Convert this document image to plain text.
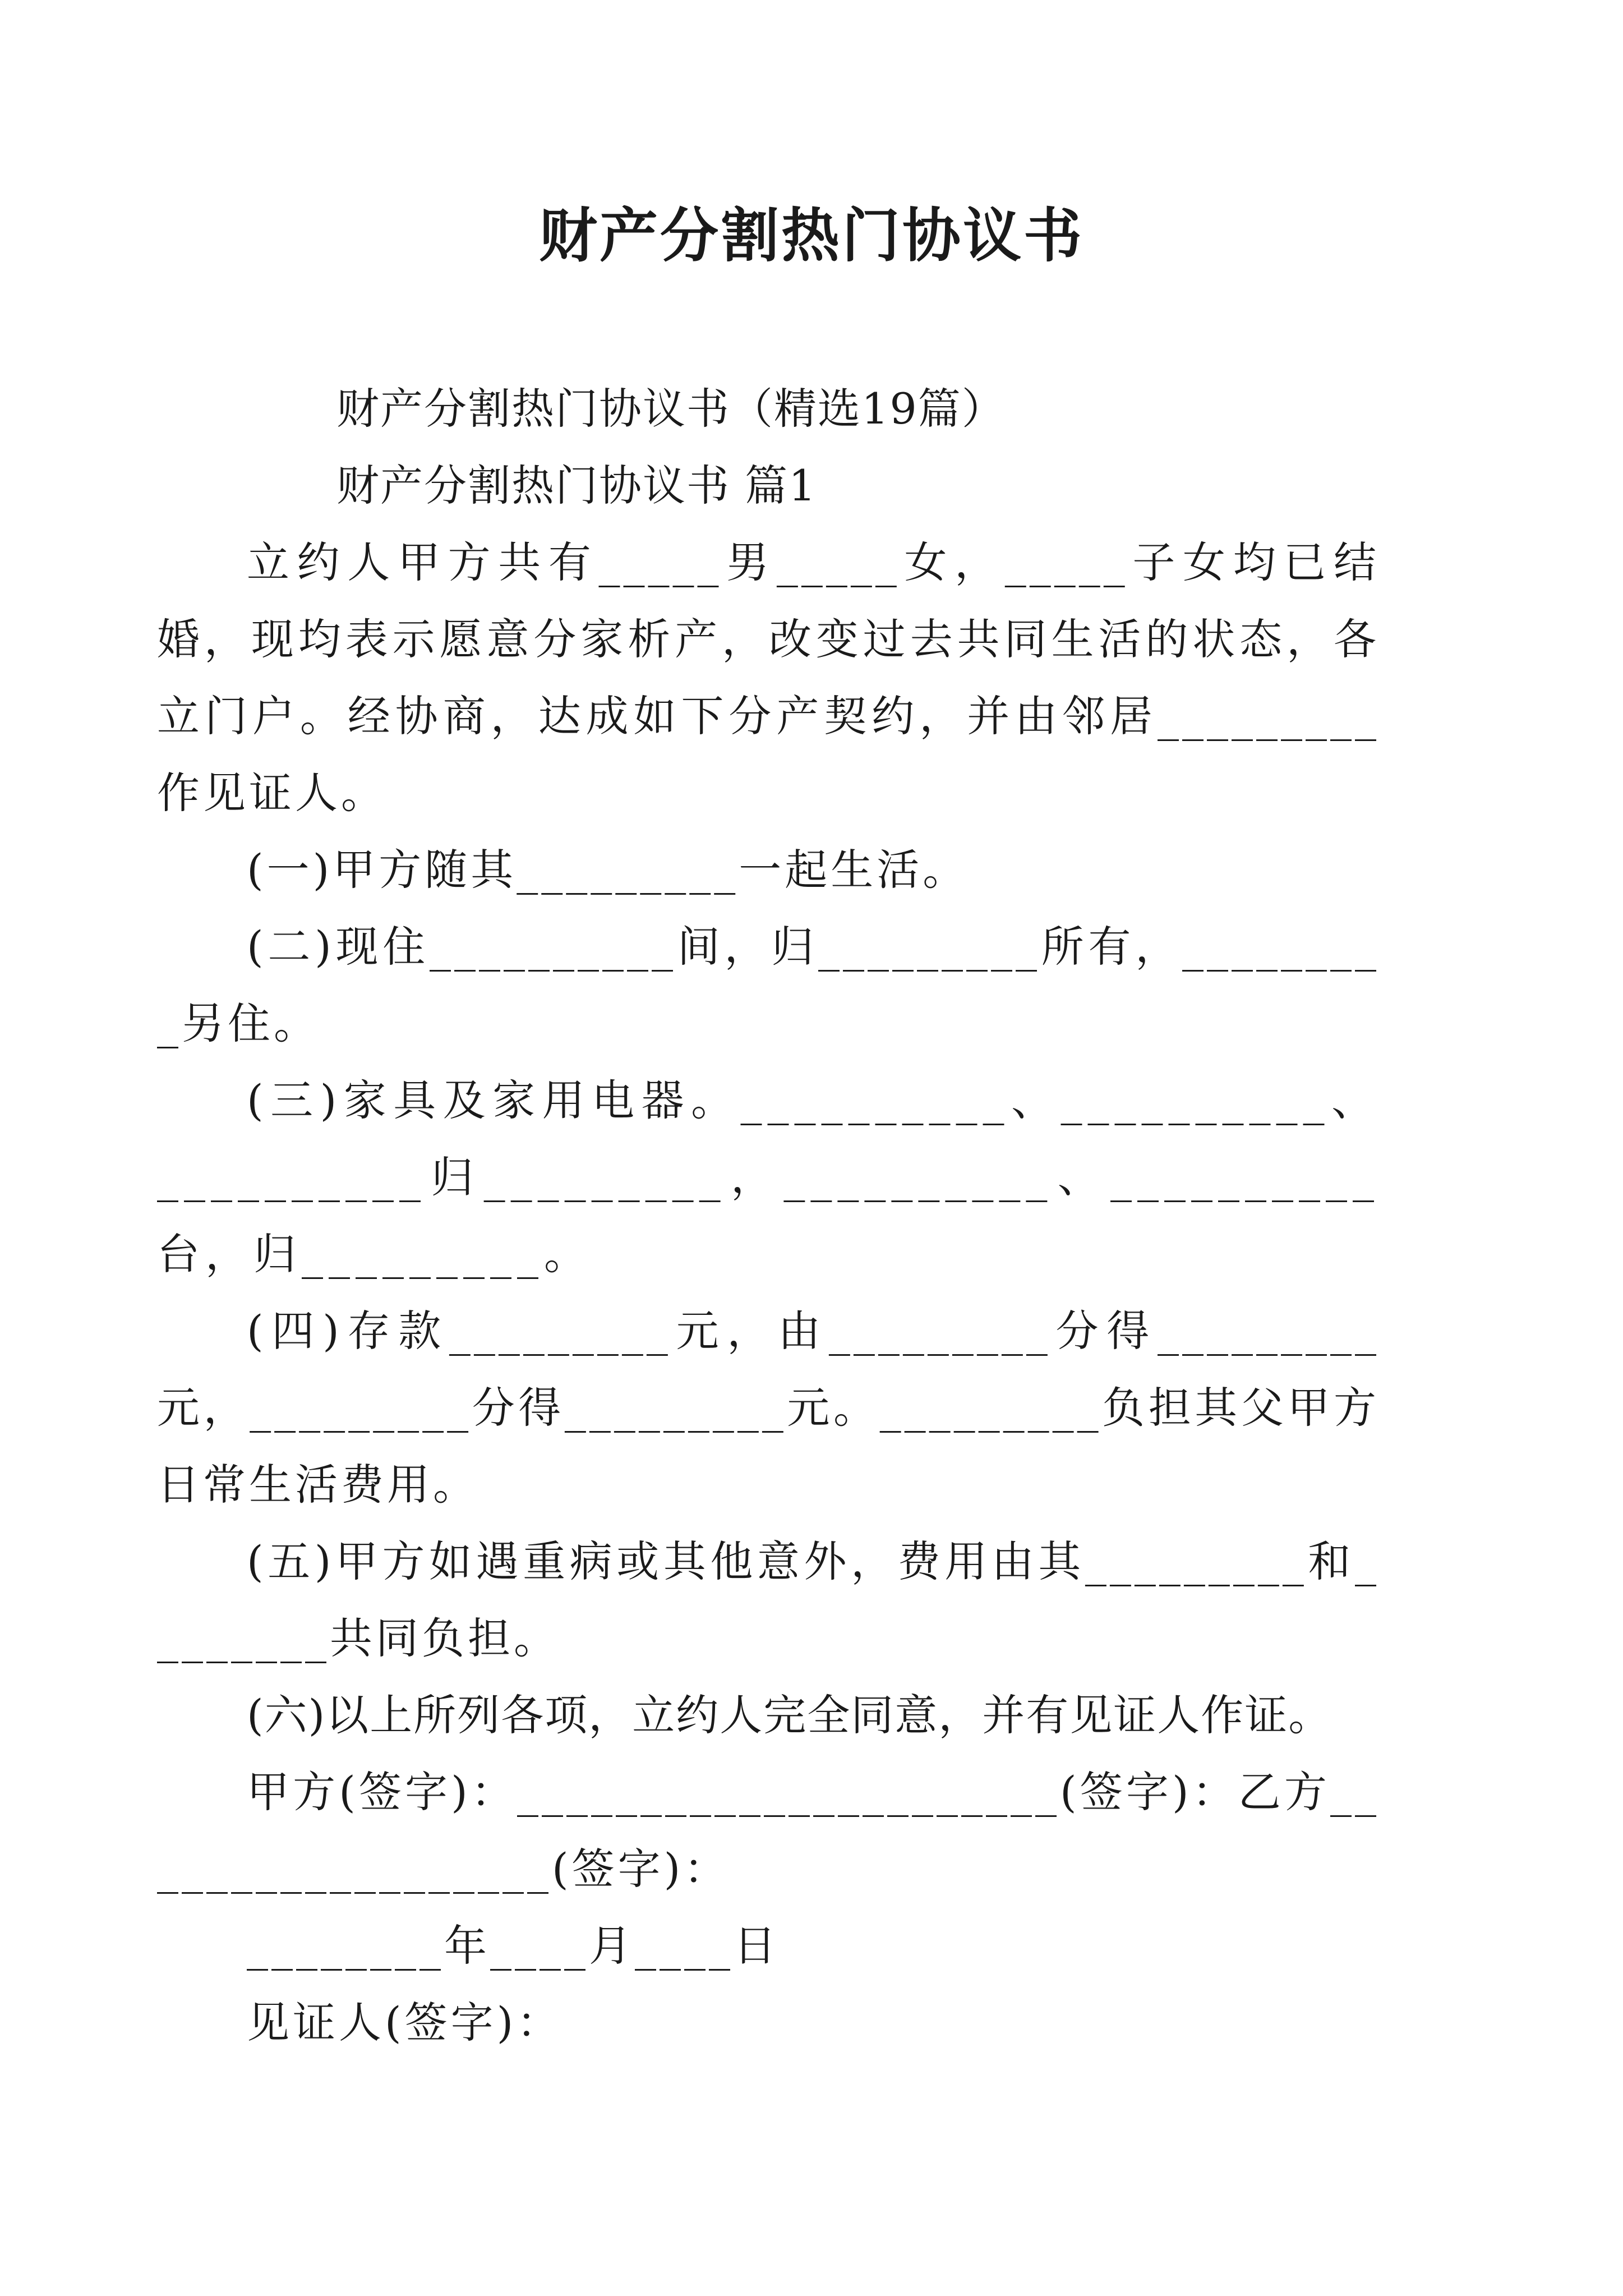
财产分割热门协议书

财产分割热门协议书（精选19篇）

财产分割热门协议书 篇1

立约人甲方共有_____男_____女，_____子女均已结婚，现均表示愿意分家析产，改变过去共同生活的状态，各立门户。经协商，达成如下分产契约，并由邻居_________作见证人。

(一)甲方随其_________一起生活。

(二)现住__________间，归_________所有，_________另住。

(三)家具及家用电器。__________、__________、__________归_________，__________、__________台，归_________。

(四)存款_________元，由_________分得_________元，_________分得_________元。_________负担其父甲方日常生活费用。

(五)甲方如遇重病或其他意外，费用由其_________和________共同负担。

(六)以上所列各项，立约人完全同意，并有见证人作证。

甲方(签字)：______________________(签字)：乙方__________________(签字)：

________年____月____日

见证人(签字)：
